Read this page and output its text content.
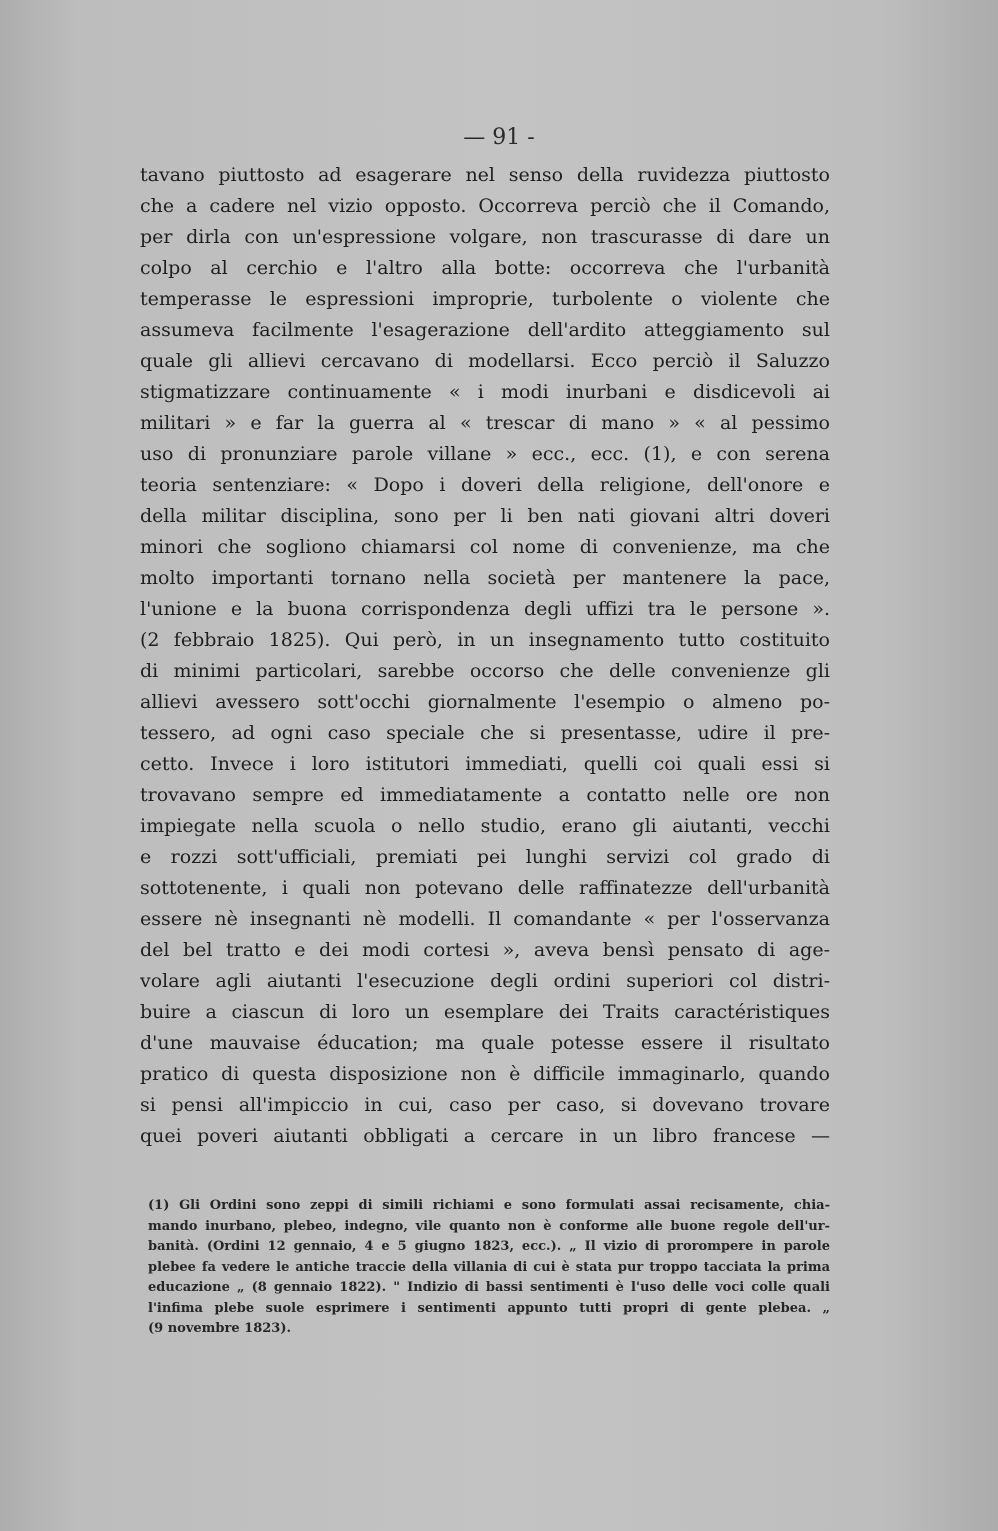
— 91 -
tavano piuttosto ad esagerare nel senso della ruvidezza piuttosto
che a cadere nel vizio opposto. Occorreva perciò che il Comando,
per dirla con un'espressione volgare, non trascurasse di dare un
colpo al cerchio e l'altro alla botte: occorreva che l'urbanità
temperasse le espressioni improprie, turbolente o violente che
assumeva facilmente l'esagerazione dell'ardito atteggiamento sul
quale gli allievi cercavano di modellarsi. Ecco perciò il Saluzzo
stigmatizzare continuamente « i modi inurbani e disdicevoli ai
militari » e far la guerra al « trescar di mano » « al pessimo
uso di pronunziare parole villane » ecc., ecc. (1), e con serena
teoria sentenziare: « Dopo i doveri della religione, dell'onore e
della militar disciplina, sono per li ben nati giovani altri doveri
minori che sogliono chiamarsi col nome di convenienze, ma che
molto importanti tornano nella società per mantenere la pace,
l'unione e la buona corrispondenza degli uffizi tra le persone ».
(2 febbraio 1825). Qui però, in un insegnamento tutto costituito
di minimi particolari, sarebbe occorso che delle convenienze gli
allievi avessero sott'occhi giornalmente l'esempio o almeno po-
tessero, ad ogni caso speciale che si presentasse, udire il pre-
cetto. Invece i loro istitutori immediati, quelli coi quali essi si
trovavano sempre ed immediatamente a contatto nelle ore non
impiegate nella scuola o nello studio, erano gli aiutanti, vecchi
e rozzi sott'ufficiali, premiati pei lunghi servizi col grado di
sottotenente, i quali non potevano delle raffinatezze dell'urbanità
essere nè insegnanti nè modelli. Il comandante « per l'osservanza
del bel tratto e dei modi cortesi », aveva bensì pensato di age-
volare agli aiutanti l'esecuzione degli ordini superiori col distri-
buire a ciascun di loro un esemplare dei Traits caractéristiques
d'une mauvaise éducation; ma quale potesse essere il risultato
pratico di questa disposizione non è difficile immaginarlo, quando
si pensi all'impiccio in cui, caso per caso, si dovevano trovare
quei poveri aiutanti obbligati a cercare in un libro francese —
(1) Gli Ordini sono zeppi di simili richiami e sono formulati assai recisamente, chia-
mando inurbano, plebeo, indegno, vile quanto non è conforme alle buone regole dell'ur-
banità. (Ordini 12 gennaio, 4 e 5 giugno 1823, ecc.). „ Il vizio di prorompere in parole
plebee fa vedere le antiche traccie della villania di cui è stata pur troppo tacciata la prima
educazione „ (8 gennaio 1822). " Indizio di bassi sentimenti è l'uso delle voci colle quali
l'infima plebe suole esprimere i sentimenti appunto tutti propri di gente plebea. „
(9 novembre 1823).
